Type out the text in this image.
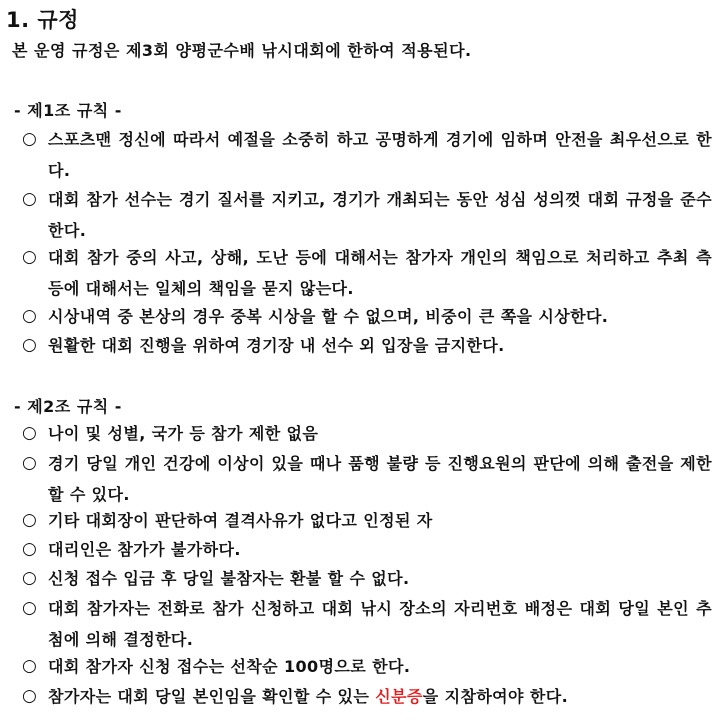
1. 규정
본 운영 규정은 제3회 양평군수배 낚시대회에 한하여 적용된다.
- 제1조 규칙 -
○ 스포츠맨 정신에 따라서 예절을 소중히 하고 공명하게 경기에 임하며 안전을 최우선으로 한다.
○ 대회 참가 선수는 경기 질서를 지키고, 경기가 개최되는 동안 성심 성의껏 대회 규정을 준수한다.
○ 대회 참가 중의 사고, 상해, 도난 등에 대해서는 참가자 개인의 책임으로 처리하고 추최 측 등에 대해서는 일체의 책임을 묻지 않는다.
○ 시상내역 중 본상의 경우 중복 시상을 할 수 없으며, 비중이 큰 쪽을 시상한다.
○ 원활한 대회 진행을 위하여 경기장 내 선수 외 입장을 금지한다.
- 제2조 규칙 -
○ 나이 및 성별, 국가 등 참가 제한 없음
○ 경기 당일 개인 건강에 이상이 있을 때나 품행 불량 등 진행요원의 판단에 의해 출전을 제한할 수 있다.
○ 기타 대회장이 판단하여 결격사유가 없다고 인정된 자
○ 대리인은 참가가 불가하다.
○ 신청 접수 입금 후 당일 불참자는 환불 할 수 없다.
○ 대회 참가자는 전화로 참가 신청하고 대회 낚시 장소의 자리번호 배정은 대회 당일 본인 추첨에 의해 결정한다.
○ 대회 참가자 신청 접수는 선착순 100명으로 한다.
○ 참가자는 대회 당일 본인임을 확인할 수 있는 신분증을 지참하여야 한다.
